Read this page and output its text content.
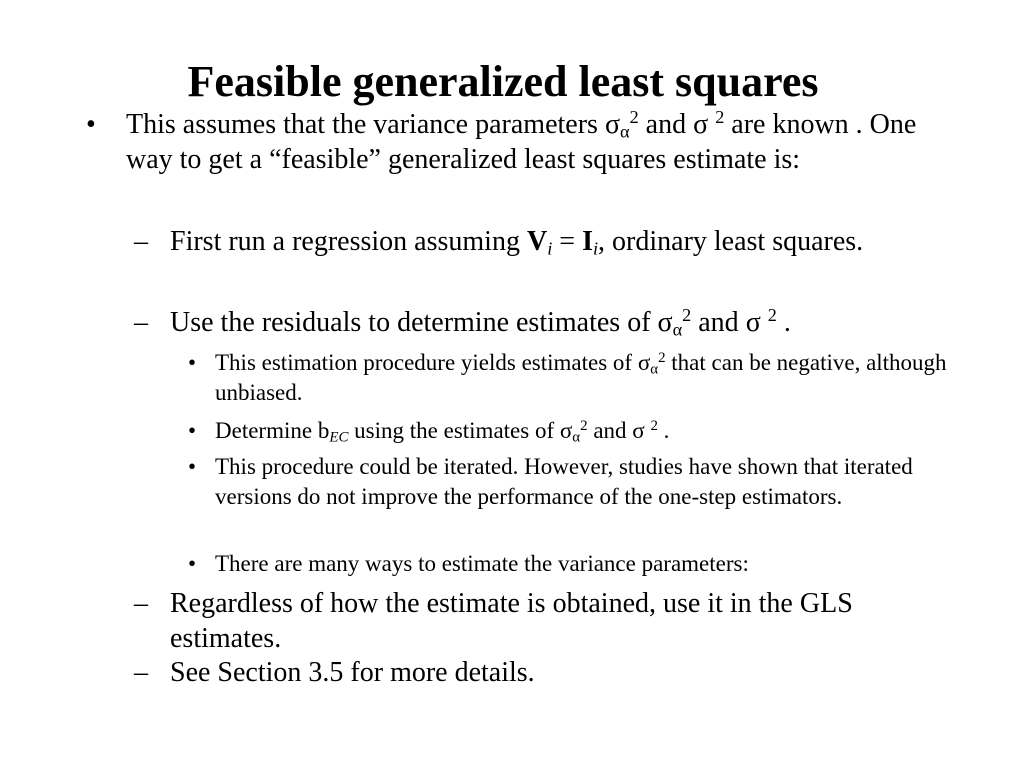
Feasible generalized least squares
• This assumes that the variance parameters $\sigma_\alpha^2$ and σ $^2$ are known . One way to get a “feasible” generalized least squares estimate is:
– First run a regression assuming $V_i = I_i$, ordinary least squares.
– Use the residuals to determine estimates of $\sigma_\alpha^2$ and σ $^2$ .
• This estimation procedure yields estimates of $\sigma_\alpha^2$ that can be negative, although unbiased.
• Determine $b_{EC}$ using the estimates of $\sigma_\alpha^2$ and σ $^2$ .
• This procedure could be iterated. However, studies have shown that iterated versions do not improve the performance of the one-step estimators.
• There are many ways to estimate the variance parameters:
– Regardless of how the estimate is obtained, use it in the GLS estimates.
– See Section 3.5 for more details.
